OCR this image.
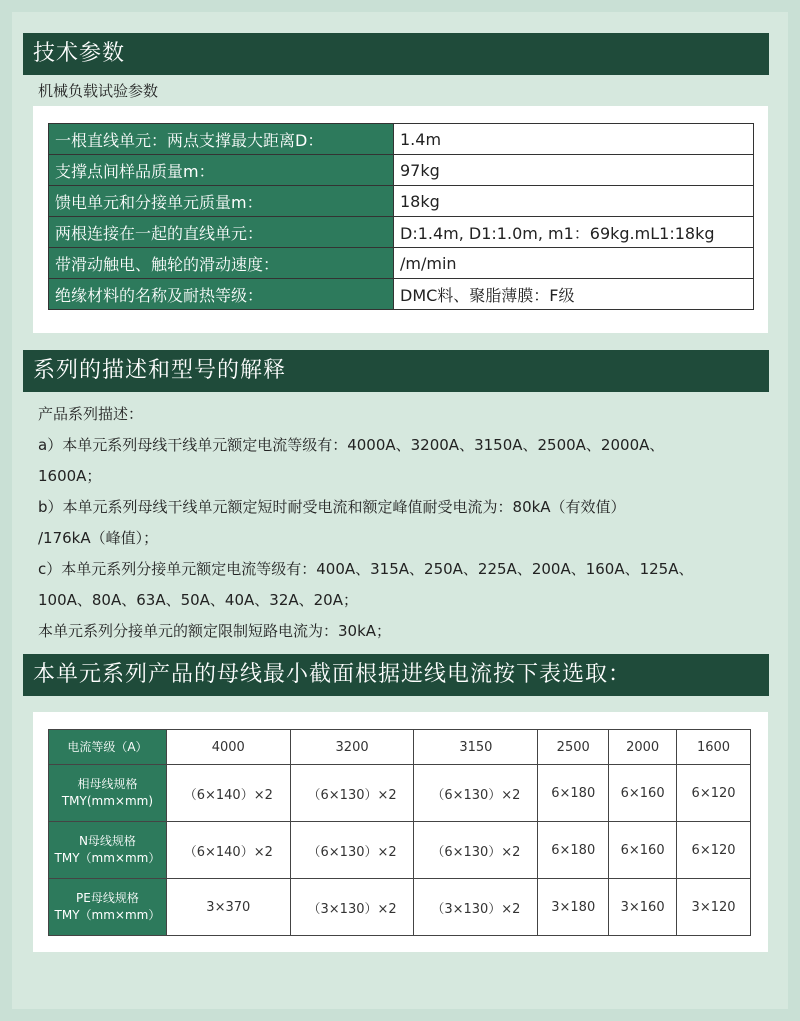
技术参数
机械负载试验参数
一根直线单元：两点支撑最大距离D：	1.4m
支撑点间样品质量m：	97kg
馈电单元和分接单元质量m：	18kg
两根连接在一起的直线单元：	D:1.4m, D1:1.0m, m1：69kg.mL1:18kg
带滑动触电、触轮的滑动速度：	/m/min
绝缘材料的名称及耐热等级：	DMC料、聚脂薄膜：F级
系列的描述和型号的解释
产品系列描述：
a）本单元系列母线干线单元额定电流等级有：4000A、3200A、3150A、2500A、2000A、
1600A；
b）本单元系列母线干线单元额定短时耐受电流和额定峰值耐受电流为：80kA（有效值）
/176kA（峰值）；
c）本单元系列分接单元额定电流等级有：400A、315A、250A、225A、200A、160A、125A、
100A、80A、63A、50A、40A、32A、20A；
本单元系列分接单元的额定限制短路电流为：30kA；
本单元系列产品的母线最小截面根据进线电流按下表选取：
电流等级（A）	4000	3200	3150	2500	2000	1600
相母线规格
TMY(mm×mm)	（6×140）×2	（6×130）×2	（6×130）×2	6×180	6×160	6×120
N母线规格
TMY（mm×mm）	（6×140）×2	（6×130）×2	（6×130）×2	6×180	6×160	6×120
PE母线规格
TMY（mm×mm）	3×370	（3×130）×2	（3×130）×2	3×180	3×160	3×120
